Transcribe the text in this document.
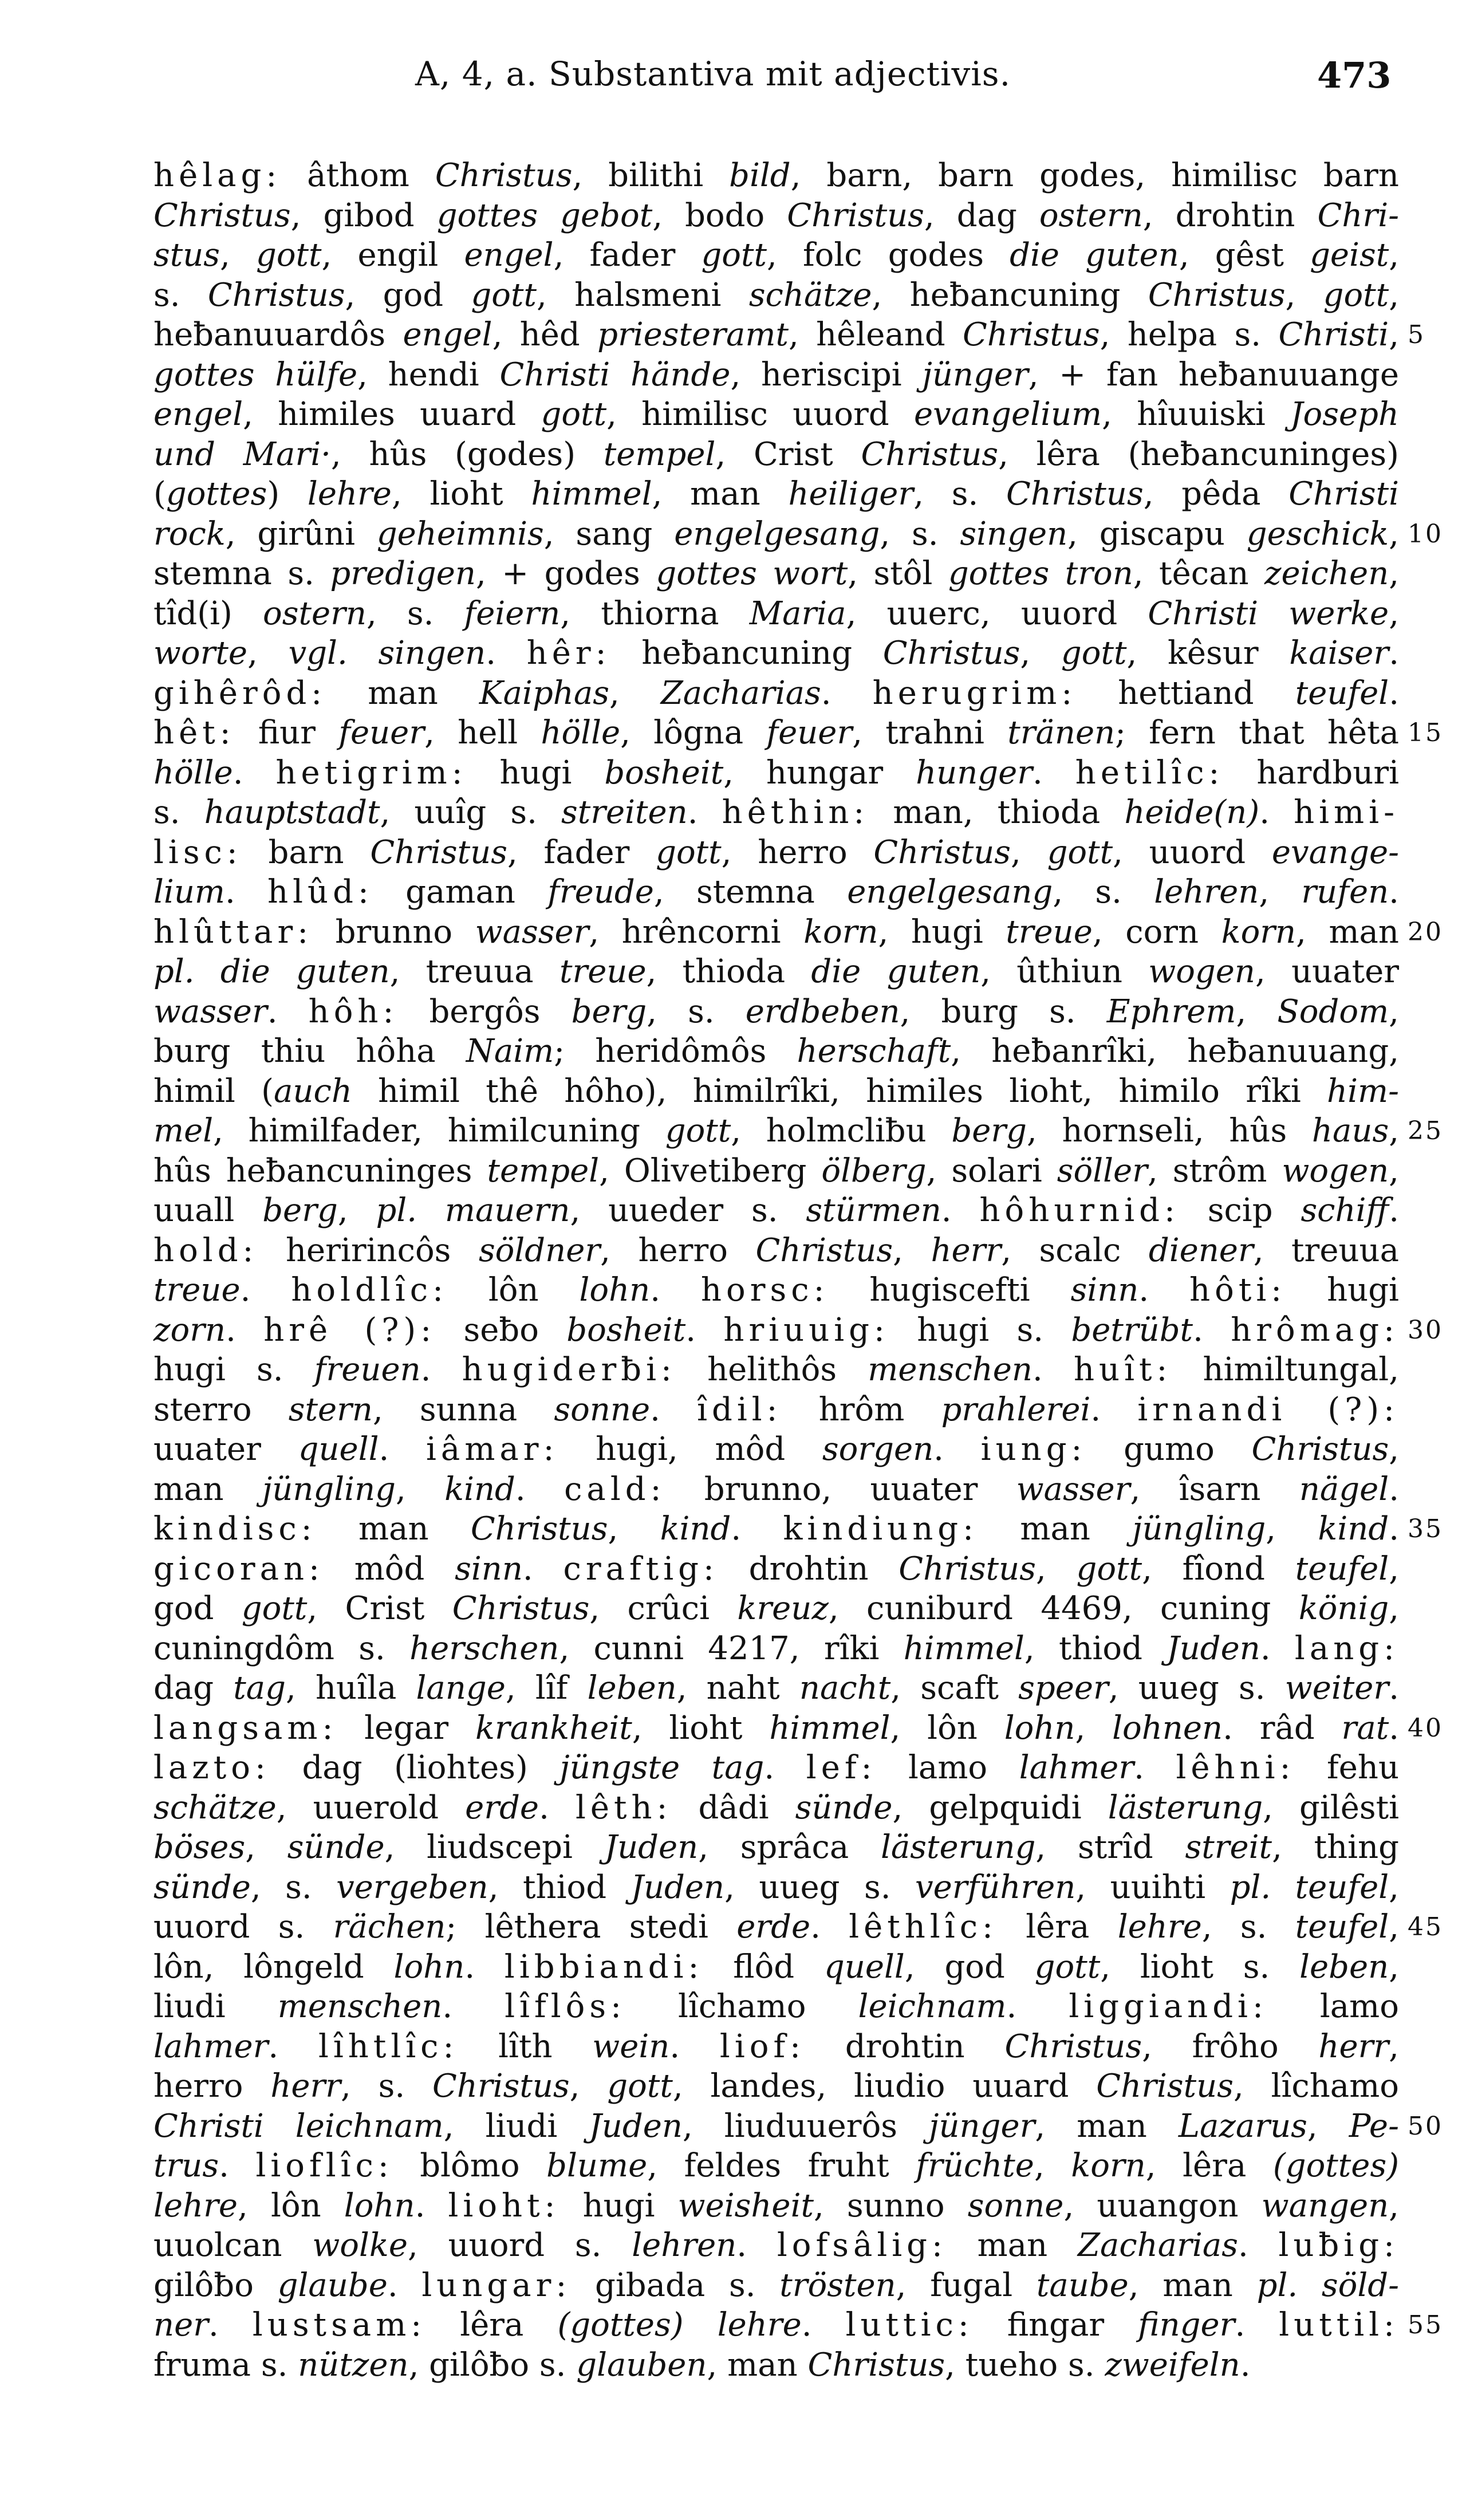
A, 4, a. Substantiva mit adjectivis.	473
hêlag: âthom Christus, bilithi bild, barn, barn godes, himilisc barn
Christus, gibod gottes gebot, bodo Christus, dag ostern, drohtin Chri-
stus, gott, engil engel, fader gott, folc godes die guten, gêst geist,
s. Christus, god gott, halsmeni schätze, heƀancuning Christus, gott,
heƀanuuardôs engel, hêd priesteramt, hêleand Christus, helpa s. Christi, 5
gottes hülfe, hendi Christi hände, heriscipi jünger, + fan heƀanuuange
engel, himiles uuard gott, himilisc uuord evangelium, hîuuiski Joseph
und Mari·, hûs (godes) tempel, Crist Christus, lêra (heƀancuninges)
(gottes) lehre, lioht himmel, man heiliger, s. Christus, pêda Christi
rock, girûni geheimnis, sang engelgesang, s. singen, giscapu geschick, 10
stemna s. predigen, + godes gottes wort, stôl gottes tron, têcan zeichen,
tîd(i) ostern, s. feiern, thiorna Maria, uuerc, uuord Christi werke,
worte, vgl. singen. hêr: heƀancuning Christus, gott, kêsur kaiser.
gihêrôd: man Kaiphas, Zacharias. herugrim: hettiand teufel.
hêt: fiur feuer, hell hölle, lôgna feuer, trahni tränen; fern that hêta 15
hölle. hetigrim: hugi bosheit, hungar hunger. hetilîc: hardburi
s. hauptstadt, uuîg s. streiten. hêthin: man, thioda heide(n). himi-
lisc: barn Christus, fader gott, herro Christus, gott, uuord evange-
lium. hlûd: gaman freude, stemna engelgesang, s. lehren, rufen.
hlûttar: brunno wasser, hrêncorni korn, hugi treue, corn korn, man 20
pl. die guten, treuua treue, thioda die guten, ûthiun wogen, uuater
wasser. hôh: bergôs berg, s. erdbeben, burg s. Ephrem, Sodom,
burg thiu hôha Naim; heridômôs herschaft, heƀanrîki, heƀanuuang,
himil (auch himil thê hôho), himilrîki, himiles lioht, himilo rîki him-
mel, himilfader, himilcuning gott, holmcliƀu berg, hornseli, hûs haus, 25
hûs heƀancuninges tempel, Olivetiberg ölberg, solari söller, strôm wogen,
uuall berg, pl. mauern, uueder s. stürmen. hôhurnid: scip schiff.
hold: heririncôs söldner, herro Christus, herr, scalc diener, treuua
treue. holdlîc: lôn lohn. horsc: hugiscefti sinn. hôti: hugi
zorn. hrê (?): seƀo bosheit. hriuuig: hugi s. betrübt. hrômag: 30
hugi s. freuen. hugiderƀi: helithôs menschen. huît: himiltungal,
sterro stern, sunna sonne. îdil: hrôm prahlerei. irnandi (?):
uuater quell. iâmar: hugi, môd sorgen. iung: gumo Christus,
man jüngling, kind. cald: brunno, uuater wasser, îsarn nägel.
kindisc: man Christus, kind. kindiung: man jüngling, kind. 35
gicoran: môd sinn. craftig: drohtin Christus, gott, fîond teufel,
god gott, Crist Christus, crûci kreuz, cuniburd 4469, cuning könig,
cuningdôm s. herschen, cunni 4217, rîki himmel, thiod Juden. lang:
dag tag, huîla lange, lîf leben, naht nacht, scaft speer, uueg s. weiter.
langsam: legar krankheit, lioht himmel, lôn lohn, lohnen. râd rat. 40
lazto: dag (liohtes) jüngste tag. lef: lamo lahmer. lêhni: fehu
schätze, uuerold erde. lêth: dâdi sünde, gelpquidi lästerung, gilêsti
böses, sünde, liudscepi Juden, sprâca lästerung, strîd streit, thing
sünde, s. vergeben, thiod Juden, uueg s. verführen, uuihti pl. teufel,
uuord s. rächen; lêthera stedi erde. lêthlîc: lêra lehre, s. teufel, 45
lôn, lôngeld lohn. libbiandi: flôd quell, god gott, lioht s. leben,
liudi menschen. lîflôs: lîchamo leichnam. liggiandi: lamo
lahmer. lîhtlîc: lîth wein. liof: drohtin Christus, frôho herr,
herro herr, s. Christus, gott, landes, liudio uuard Christus, lîchamo
Christi leichnam, liudi Juden, liuduuerôs jünger, man Lazarus, Pe- 50
trus. lioflîc: blômo blume, feldes fruht früchte, korn, lêra (gottes)
lehre, lôn lohn. lioht: hugi weisheit, sunno sonne, uuangon wangen,
uuolcan wolke, uuord s. lehren. lofsâlig: man Zacharias. luƀig:
gilôƀo glaube. lungar: gibada s. trösten, fugal taube, man pl. söld-
ner. lustsam: lêra (gottes) lehre. luttic: fingar finger. luttil: 55
fruma s. nützen, gilôƀo s. glauben, man Christus, tueho s. zweifeln.
